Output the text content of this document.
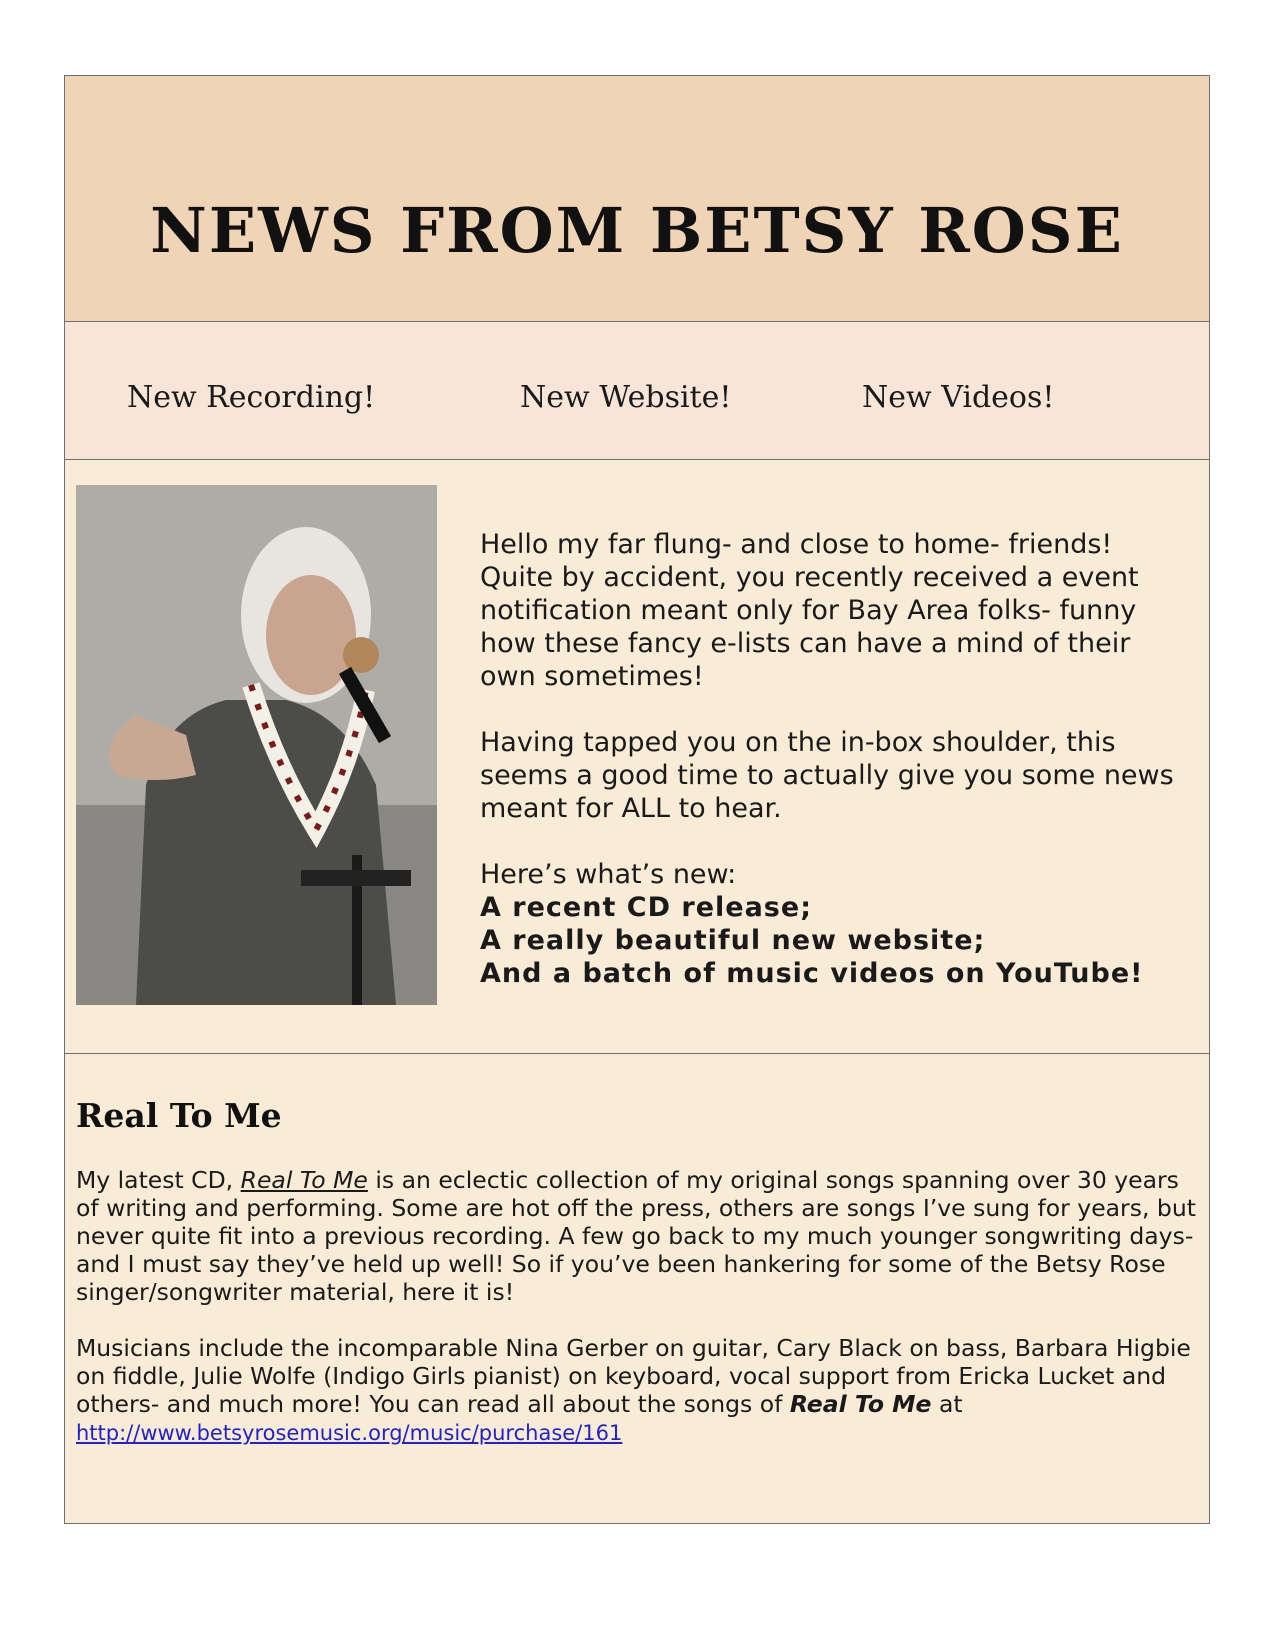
NEWS FROM BETSY ROSE
New Recording!	New Website!	New Videos!

Hello my far flung- and close to home- friends! Quite by accident, you recently received a event notification meant only for Bay Area folks- funny how these fancy e-lists can have a mind of their own sometimes!

Having tapped you on the in-box shoulder, this seems a good time to actually give you some news meant for ALL to hear.

Here’s what’s new:
A recent CD release;
A really beautiful new website;
And a batch of music videos on YouTube!
Real To Me

My latest CD, Real To Me is an eclectic collection of my original songs spanning over 30 years of writing and performing. Some are hot off the press, others are songs I’ve sung for years, but never quite fit into a previous recording. A few go back to my much younger songwriting days- and I must say they’ve held up well! So if you’ve been hankering for some of the Betsy Rose singer/songwriter material, here it is!

Musicians include the incomparable Nina Gerber on guitar, Cary Black on bass, Barbara Higbie on fiddle, Julie Wolfe (Indigo Girls pianist) on keyboard, vocal support from Ericka Lucket and others- and much more! You can read all about the songs of Real To Me at http://www.betsyrosemusic.org/music/purchase/161
